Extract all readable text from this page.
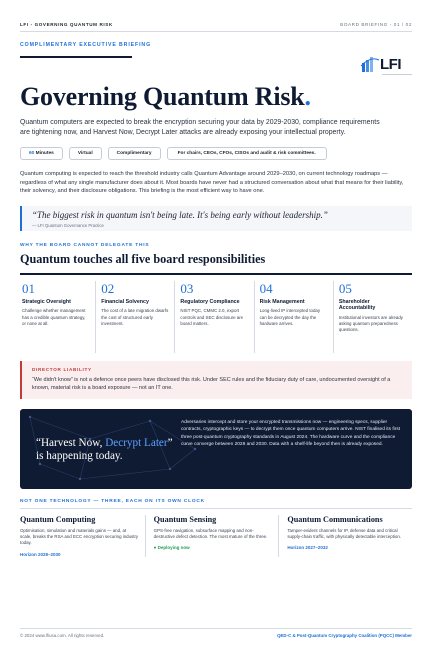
LFI - GOVERNING QUANTUM RISK	BOARD BRIEFING - 01 / 02
COMPLIMENTARY EXECUTIVE BRIEFING
LFI
Governing Quantum Risk.

Quantum computers are expected to break the encryption securing your data by 2029-2030, compliance requirements are tightening now, and Harvest Now, Decrypt Later attacks are already exposing your intellectual property.

60 Minutes	Virtual	Complimentary	For chairs, CEOs, CFOs, CISOs and audit & risk committees.

Quantum computing is expected to reach the threshold industry calls Quantum Advantage around 2029–2030, on current technology roadmaps — regardless of what any single manufacturer does about it. Most boards have never had a structured conversation about what that means for their liability, their solvency, and their disclosure obligations. This briefing is the most efficient way to have one.

“The biggest risk in quantum isn't being late. It's being early without leadership.”
— LFI Quantum Governance Practice
WHY THE BOARD CANNOT DELEGATE THIS
Quantum touches all five board responsibilities
01
Strategic Oversight
Challenge whether management has a credible quantum strategy, or none at all.
02
Financial Solvency
The cost of a late migration dwarfs the cost of structured early investment.
03
Regulatory Compliance
NIST PQC, CMMC 2.0, export controls and SEC disclosure are board matters.
04
Risk Management
Long-lived IP intercepted today can be decrypted the day the hardware arrives.
05
Shareholder Accountability
Institutional investors are already asking quantum preparedness questions.
DIRECTOR LIABILITY
“We didn't know” is not a defence once peers have disclosed this risk. Under SEC rules and the fiduciary duty of care, undocumented oversight of a known, material risk is a board exposure — not an IT one.
“Harvest Now, Decrypt Later” is happening today.
Adversaries intercept and store your encrypted transmissions now — engineering specs, supplier contracts, cryptographic keys — to decrypt them once quantum computers arrive. NIST finalised its first three post-quantum cryptography standards in August 2024. The hardware curve and the compliance curve converge between 2028 and 2030. Data with a shelf-life beyond then is already exposed.
NOT ONE TECHNOLOGY — THREE, EACH ON ITS OWN CLOCK
Quantum Computing
Optimisation, simulation and materials gains — and, at scale, breaks the RSA and ECC encryption securing industry today.
Horizon 2028–2030
Quantum Sensing
GPS-free navigation, subsurface mapping and non-destructive defect detection. The most mature of the three.
● Deploying now
Quantum Communications
Tamper-evident channels for IP, defense data and critical supply-chain traffic, with physically detectable interception.
Horizon 2027–2032
© 2024 www.lfiusa.com. All rights reserved.	QED-C & Post-Quantum Cryptography Coalition (PQCC) Member
